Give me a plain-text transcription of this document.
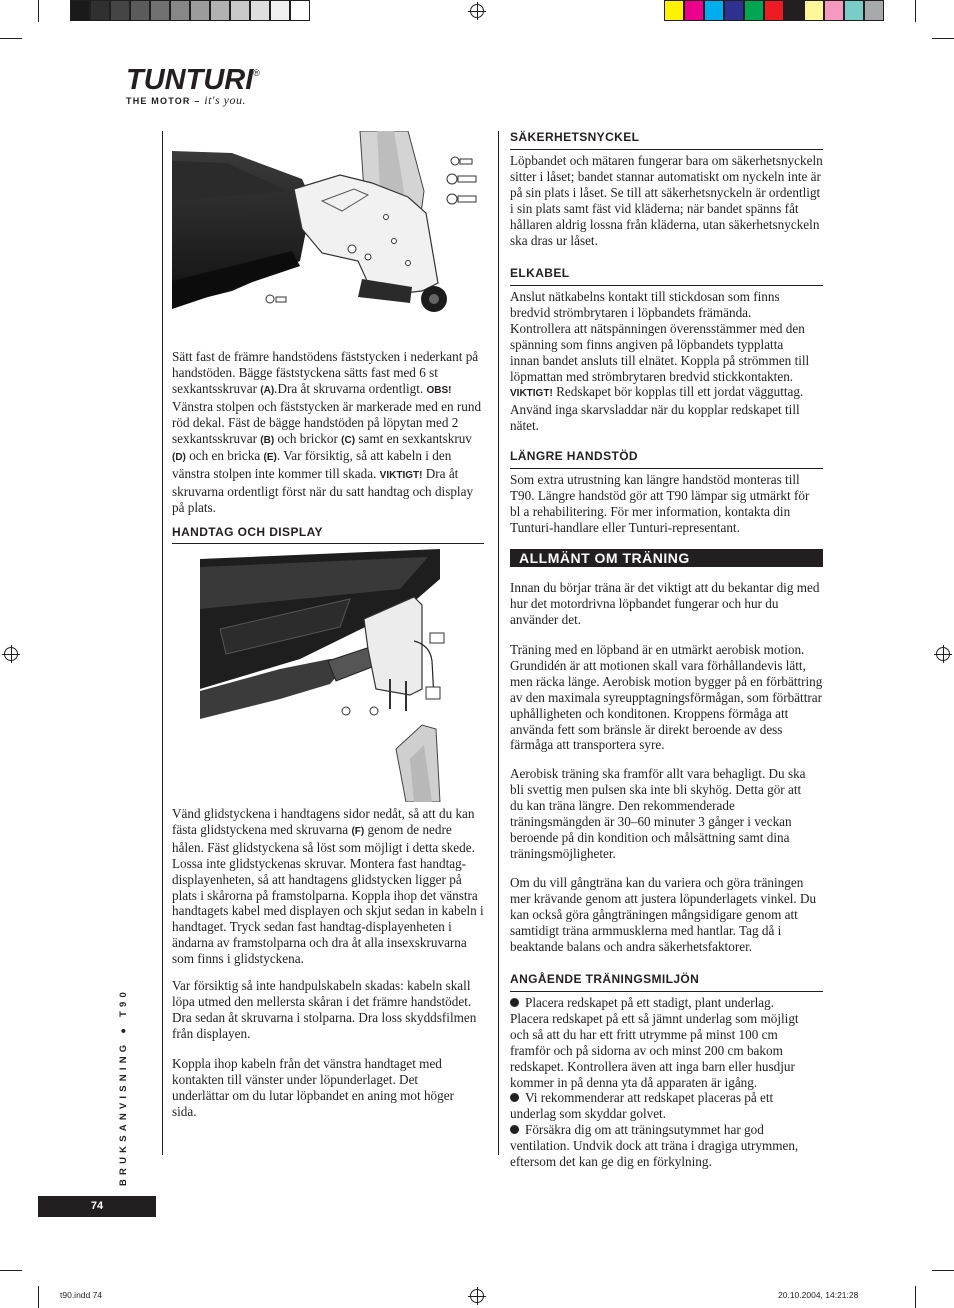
TUNTURI®
THE MOTOR – it's you.

Sätt fast de främre handstödens fäststycken i nederkant på handstöden. Bägge fäststyckena sätts fast med 6 st sexkantsskruvar (A).Dra åt skruvarna ordentligt. OBS! Vänstra stolpen och fäststycken är markerade med en rund röd dekal. Fäst de bägge handstöden på löpytan med 2 sexkantsskruvar (B) och brickor (C) samt en sexkantskruv (D) och en bricka (E). Var försiktig, så att kabeln i den vänstra stolpen inte kommer till skada. VIKTIGT! Dra åt skruvarna ordentligt först när du satt handtag och display på plats.

HANDTAG OCH DISPLAY

Vänd glidstyckena i handtagens sidor nedåt, så att du kan fästa glidstyckena med skruvarna (F) genom de nedre hålen. Fäst glidstyckena så löst som möjligt i detta skede. Lossa inte glidstyckenas skruvar. Montera fast handtag-displayenheten, så att handtagens glidstycken ligger på plats i skårorna på framstolparna. Koppla ihop det vänstra handtagets kabel med displayen och skjut sedan in kabeln i handtaget. Tryck sedan fast handtag-displayenheten i ändarna av framstolparna och dra åt alla insexskruvarna som finns i glidstyckena.

Var försiktig så inte handpulskabeln skadas: kabeln skall löpa utmed den mellersta skåran i det främre handstödet. Dra sedan åt skruvarna i stolparna. Dra loss skyddsfilmen från displayen.

Koppla ihop kabeln från det vänstra handtaget med kontakten till vänster under löpunderlaget. Det underlättar om du lutar löpbandet en aning mot höger sida.

SÄKERHETSNYCKEL

Löpbandet och mätaren fungerar bara om säkerhetsnyckeln sitter i låset; bandet stannar automatiskt om nyckeln inte är på sin plats i låset. Se till att säkerhetsnyckeln är ordentligt i sin plats samt fäst vid kläderna; när bandet spänns fåt hållaren aldrig lossna från kläderna, utan säkerhetsnyckeln ska dras ur låset.

ELKABEL

Anslut nätkabelns kontakt till stickdosan som finns bredvid strömbrytaren i löpbandets främända. Kontrollera att nätspänningen överensstämmer med den spänning som finns angiven på löpbandets typplatta innan bandet ansluts till elnätet. Koppla på strömmen till löpmattan med strömbrytaren bredvid stickkontakten. VIKTIGT! Redskapet bör kopplas till ett jordat vägguttag. Använd inga skarvsladdar när du kopplar redskapet till nätet.

LÄNGRE HANDSTÖD

Som extra utrustning kan längre handstöd monteras till T90. Längre handstöd gör att T90 lämpar sig utmärkt för bl a rehabilitering. För mer information, kontakta din Tunturi-handlare eller Tunturi-representant.

ALLMÄNT OM TRÄNING

Innan du börjar träna är det viktigt att du bekantar dig med hur det motordrivna löpbandet fungerar och hur du använder det.

Träning med en löpband är en utmärkt aerobisk motion. Grundidén är att motionen skall vara förhållandevis lätt, men räcka länge. Aerobisk motion bygger på en förbättring av den maximala syreupptagningsförmågan, som förbättrar uphålligheten och konditonen. Kroppens förmåga att använda fett som bränsle är direkt beroende av dess färmåga att transportera syre.

Aerobisk träning ska framför allt vara behagligt. Du ska bli svettig men pulsen ska inte bli skyhög. Detta gör att du kan träna längre. Den rekommenderade träningsmängden är 30–60 minuter 3 gånger i veckan beroende på din kondition och målsättning samt dina träningsmöjligheter.

Om du vill gångträna kan du variera och göra träningen mer krävande genom att justera löpunderlagets vinkel. Du kan också göra gångträningen mångsidigare genom att samtidigt träna armmusklerna med hantlar. Tag då i beaktande balans och andra säkerhetsfaktorer.

ANGÅENDE TRÄNINGSMILJÖN

Placera redskapet på ett stadigt, plant underlag. Placera redskapet på ett så jämnt underlag som möjligt och så att du har ett fritt utrymme på minst 100 cm framför och på sidorna av och minst 200 cm bakom redskapet. Kontrollera även att inga barn eller husdjur kommer in på denna yta då apparaten är igång.
Vi rekommenderar att redskapet placeras på ett underlag som skyddar golvet.
Försäkra dig om att träningsutymmet har god ventilation. Undvik dock att träna i dragiga utrymmen, eftersom det kan ge dig en förkylning.

BRUKSANVISNING ● T90
74
t90.indd 74	20.10.2004, 14:21:28
